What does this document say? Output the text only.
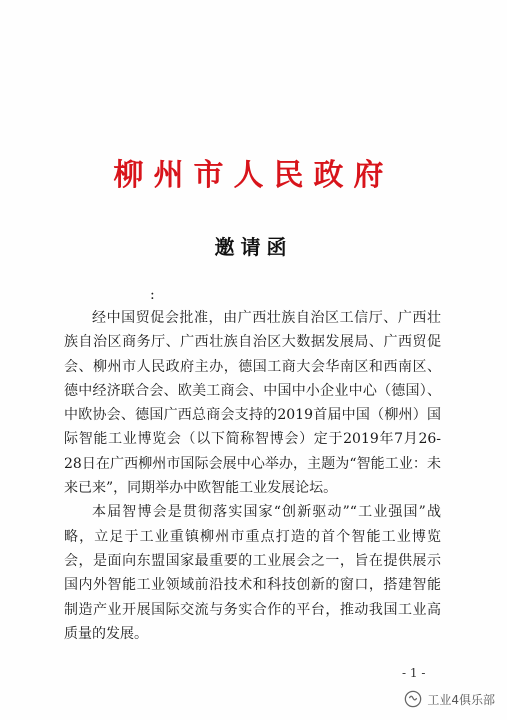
柳州市人民政府
邀请函
:

经中国贸促会批准，由广西壮族自治区工信厅、广西壮族自治区商务厅、广西壮族自治区大数据发展局、广西贸促会、柳州市人民政府主办，德国工商大会华南区和西南区、德中经济联合会、欧美工商会、中国中小企业中心（德国）、中欧协会、德国广西总商会支持的2019首届中国（柳州）国际智能工业博览会（以下简称智博会）定于2019年7月26-28日在广西柳州市国际会展中心举办，主题为“智能工业：未来已来”，同期举办中欧智能工业发展论坛。

本届智博会是贯彻落实国家“创新驱动”“工业强国”战略，立足于工业重镇柳州市重点打造的首个智能工业博览会，是面向东盟国家最重要的工业展会之一，旨在提供展示国内外智能工业领域前沿技术和科技创新的窗口，搭建智能制造产业开展国际交流与务实合作的平台，推动我国工业高质量的发展。

- 1 -
工业4俱乐部
